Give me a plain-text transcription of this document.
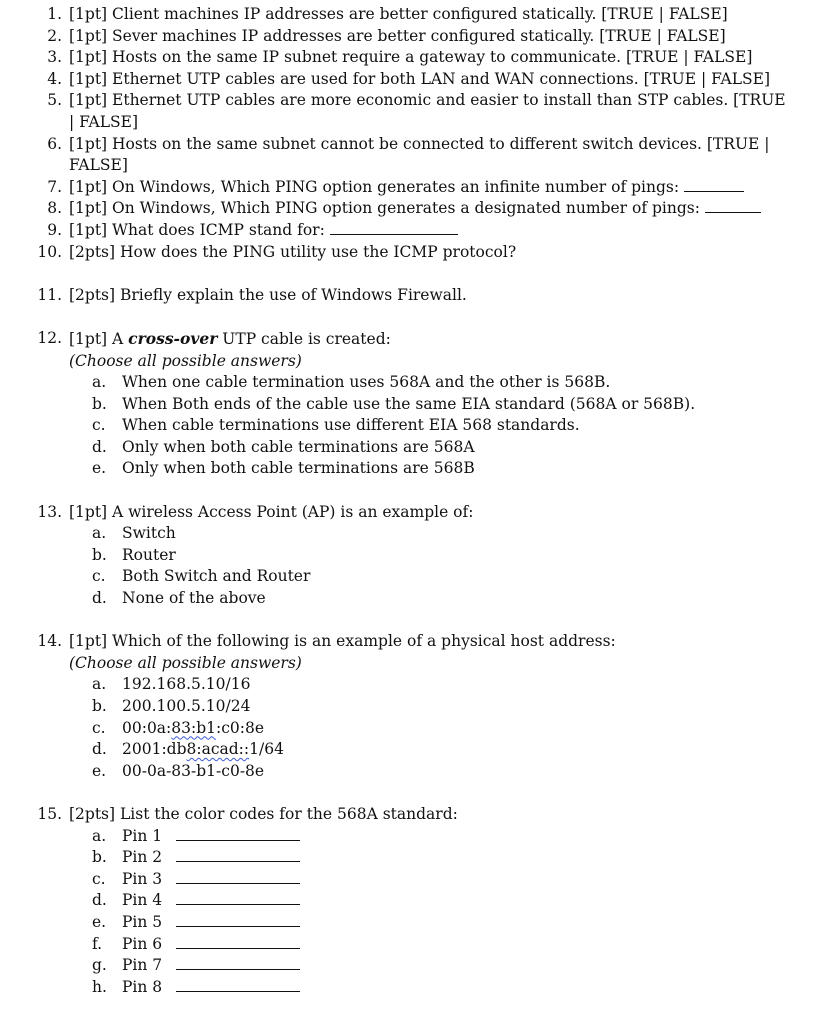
1. [1pt] Client machines IP addresses are better configured statically. [TRUE | FALSE]

2. [1pt] Sever machines IP addresses are better configured statically. [TRUE | FALSE]

3. [1pt] Hosts on the same IP subnet require a gateway to communicate. [TRUE | FALSE]

4. [1pt] Ethernet UTP cables are used for both LAN and WAN connections. [TRUE | FALSE]

5. [1pt] Ethernet UTP cables are more economic and easier to install than STP cables. [TRUE | FALSE]

6. [1pt] Hosts on the same subnet cannot be connected to different switch devices. [TRUE | FALSE]

7. [1pt] On Windows, Which PING option generates an infinite number of pings:

8. [1pt] On Windows, Which PING option generates a designated number of pings:

9. [1pt] What does ICMP stand for:

10. [2pts] How does the PING utility use the ICMP protocol?

11. [2pts] Briefly explain the use of Windows Firewall.

12. [1pt] A cross-over UTP cable is created:

(Choose all possible answers)

a. When one cable termination uses 568A and the other is 568B.

b. When Both ends of the cable use the same EIA standard (568A or 568B).

c. When cable terminations use different EIA 568 standards.

d. Only when both cable terminations are 568A

e. Only when both cable terminations are 568B

13. [1pt] A wireless Access Point (AP) is an example of:

a. Switch

b. Router

c. Both Switch and Router

d. None of the above

14. [1pt] Which of the following is an example of a physical host address:

(Choose all possible answers)

a. 192.168.5.10/16

b. 200.100.5.10/24

c. 00:0a:83:b1:c0:8e

d. 2001:db8:acad::1/64

e. 00-0a-83-b1-c0-8e

15. [2pts] List the color codes for the 568A standard:

a. Pin 1

b. Pin 2

c. Pin 3

d. Pin 4

e. Pin 5

f. Pin 6

g. Pin 7

h. Pin 8
